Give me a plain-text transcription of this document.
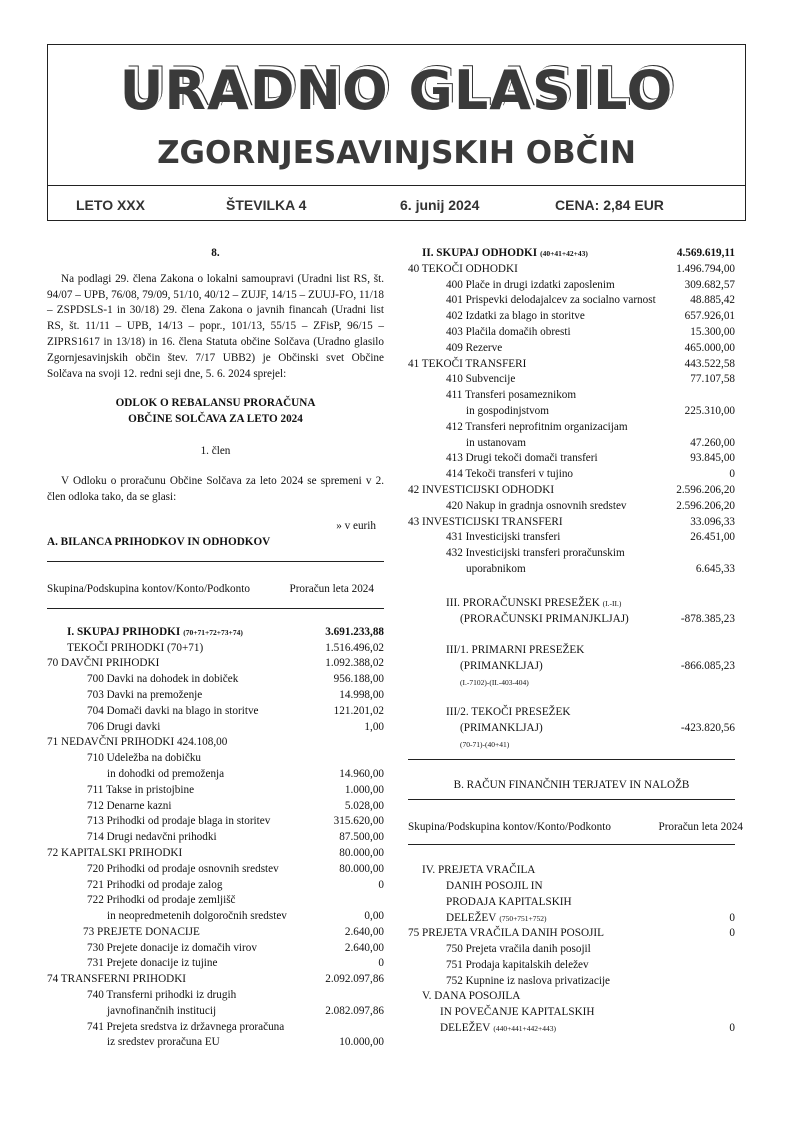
URADNO GLASILO
ZGORNJESAVINJSKIH OBČIN
LETO XXX	ŠTEVILKA 4	6. junij 2024	CENA: 2,84 EUR
8.

Na podlagi 29. člena Zakona o lokalni samoupravi (Uradni list RS, št. 94/07 – UPB, 76/08, 79/09, 51/10, 40/12 – ZUJF, 14/15 – ZUUJ-FO, 11/18 – ZSPDSLS-1 in 30/18) 29. člena Zakona o javnih financah (Uradni list RS, št. 11/11 – UPB, 14/13 – popr., 101/13, 55/15 – ZFisP, 96/15 – ZIPRS1617 in 13/18) in 16. člena Statuta občine Solčava (Uradno glasilo Zgornjesavinjskih občin štev. 7/17 UBB2) je Občinski svet Občine Solčava na svoji 12. redni seji dne, 5. 6. 2024 sprejel:

ODLOK O REBALANSU PRORAČUNA
OBČINE SOLČAVA ZA LETO 2024
1. člen

V Odloku o proračunu Občine Solčava za leto 2024 se spremeni v 2. člen odloka tako, da se glasi:

» v eurih
A. BILANCA PRIHODKOV IN ODHODKOV
Skupina/Podskupina kontov/Konto/Podkonto	Proračun leta 2024
I. SKUPAJ PRIHODKI (70+71+72+73+74)	3.691.233,88
TEKOČI PRIHODKI (70+71)	1.516.496,02
70 DAVČNI PRIHODKI	1.092.388,02
700 Davki na dohodek in dobiček	956.188,00
703 Davki na premoženje	14.998,00
704 Domači davki na blago in storitve	121.201,02
706 Drugi davki	1,00
71 NEDAVČNI PRIHODKI 424.108,00
710 Udeležba na dobičku
in dohodki od premoženja	14.960,00
711 Takse in pristojbine	1.000,00
712 Denarne kazni	5.028,00
713 Prihodki od prodaje blaga in storitev	315.620,00
714 Drugi nedavčni prihodki	87.500,00
72 KAPITALSKI PRIHODKI	80.000,00
720 Prihodki od prodaje osnovnih sredstev	80.000,00
721 Prihodki od prodaje zalog	0
722 Prihodki od prodaje zemljišč
in neopredmetenih dolgoročnih sredstev	0,00
73 PREJETE DONACIJE	2.640,00
730 Prejete donacije iz domačih virov	2.640,00
731 Prejete donacije iz tujine	0
74 TRANSFERNI PRIHODKI	2.092.097,86
740 Transferni prihodki iz drugih
javnofinančnih institucij	2.082.097,86
741 Prejeta sredstva iz državnega proračuna
iz sredstev proračuna EU	10.000,00
II. SKUPAJ ODHODKI (40+41+42+43)	4.569.619,11
40 TEKOČI ODHODKI	1.496.794,00
400 Plače in drugi izdatki zaposlenim	309.682,57
401 Prispevki delodajalcev za socialno varnost	48.885,42
402 Izdatki za blago in storitve	657.926,01
403 Plačila domačih obresti	15.300,00
409 Rezerve	465.000,00
41 TEKOČI TRANSFERI	443.522,58
410 Subvencije	77.107,58
411 Transferi posameznikom
in gospodinjstvom	225.310,00
412 Transferi neprofitnim organizacijam
in ustanovam	47.260,00
413 Drugi tekoči domači transferi	93.845,00
414 Tekoči transferi v tujino	0
42 INVESTICIJSKI ODHODKI	2.596.206,20
420 Nakup in gradnja osnovnih sredstev	2.596.206,20
43 INVESTICIJSKI TRANSFERI	33.096,33
431 Investicijski transferi	26.451,00
432 Investicijski transferi proračunskim
uporabnikom	6.645,33
III. PRORAČUNSKI PRESEŽEK (I.-II.)
(PRORAČUNSKI PRIMANJKLJAJ)	-878.385,23
III/1. PRIMARNI PRESEŽEK
(PRIMANKLJAJ)	-866.085,23
(I.-7102)-(II.-403-404)
III/2. TEKOČI PRESEŽEK
(PRIMANKLJAJ)	-423.820,56
(70-71)-(40+41)
B. RAČUN FINANČNIH TERJATEV IN NALOŽB
Skupina/Podskupina kontov/Konto/Podkonto	Proračun leta 2024
IV. PREJETA VRAČILA
DANIH POSOJIL IN
PRODAJA KAPITALSKIH
DELEŽEV (750+751+752)	0
75 PREJETA VRAČILA DANIH POSOJIL	0
750 Prejeta vračila danih posojil
751 Prodaja kapitalskih deležev
752 Kupnine iz naslova privatizacije
V. DANA POSOJILA
IN POVEČANJE KAPITALSKIH
DELEŽEV (440+441+442+443)	0
